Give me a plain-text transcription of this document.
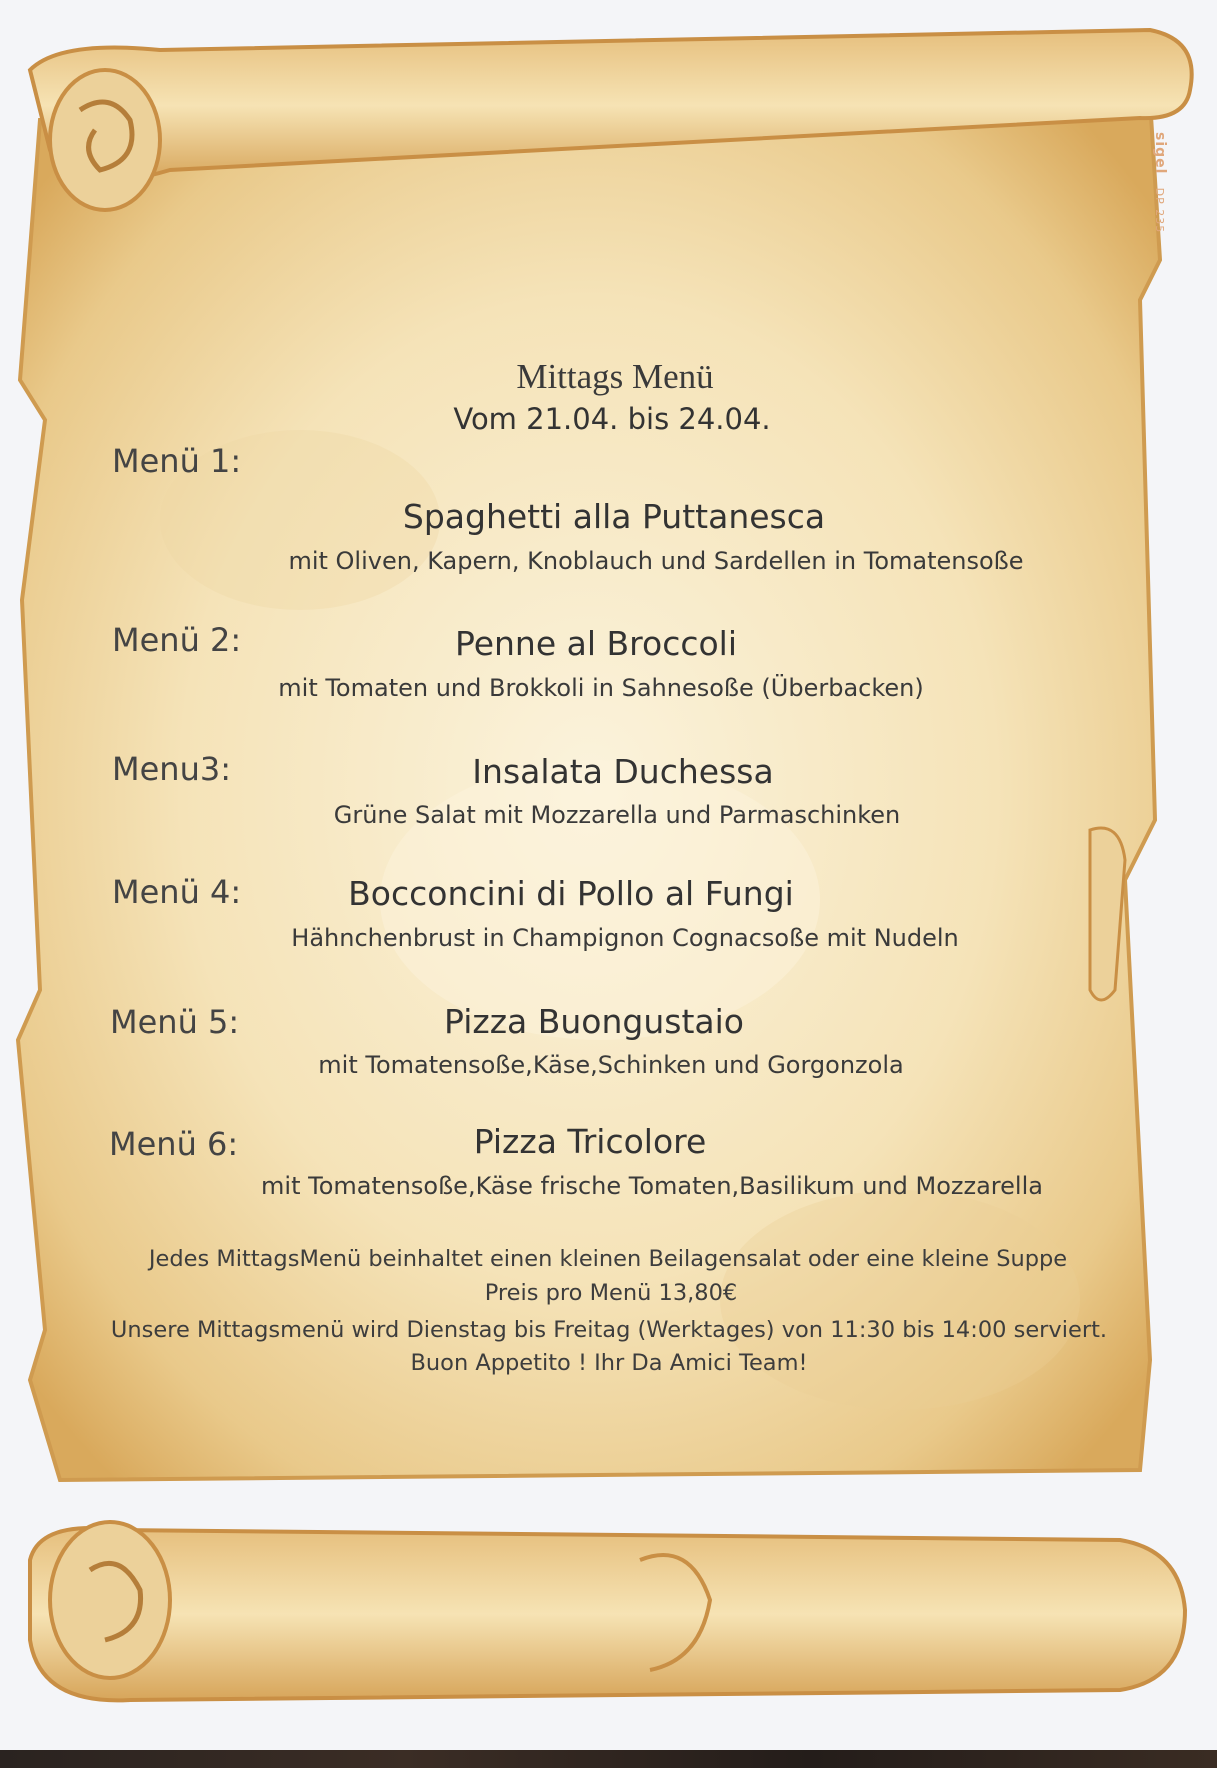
sigel DP 235
Mittags Menü
Vom 21.04. bis 24.04.
Menü 1:
Spaghetti alla Puttanesca
mit Oliven, Kapern, Knoblauch und Sardellen in Tomatensoße
Menü 2:	Penne al Broccoli
mit Tomaten und Brokkoli in Sahnesoße (Überbacken)
Menu3:	Insalata Duchessa
Grüne Salat mit Mozzarella und Parmaschinken
Menü 4:	Bocconcini di Pollo al Fungi
Hähnchenbrust in Champignon Cognacsoße mit Nudeln
Menü 5:	Pizza Buongustaio
mit Tomatensoße,Käse,Schinken und Gorgonzola
Menü 6:	Pizza Tricolore
mit Tomatensoße,Käse frische Tomaten,Basilikum und Mozzarella
Jedes MittagsMenü beinhaltet einen kleinen Beilagensalat oder eine kleine Suppe
Preis pro Menü 13,80€
Unsere Mittagsmenü wird Dienstag bis Freitag (Werktages) von 11:30 bis 14:00 serviert.
Buon Appetito ! Ihr Da Amici Team!
